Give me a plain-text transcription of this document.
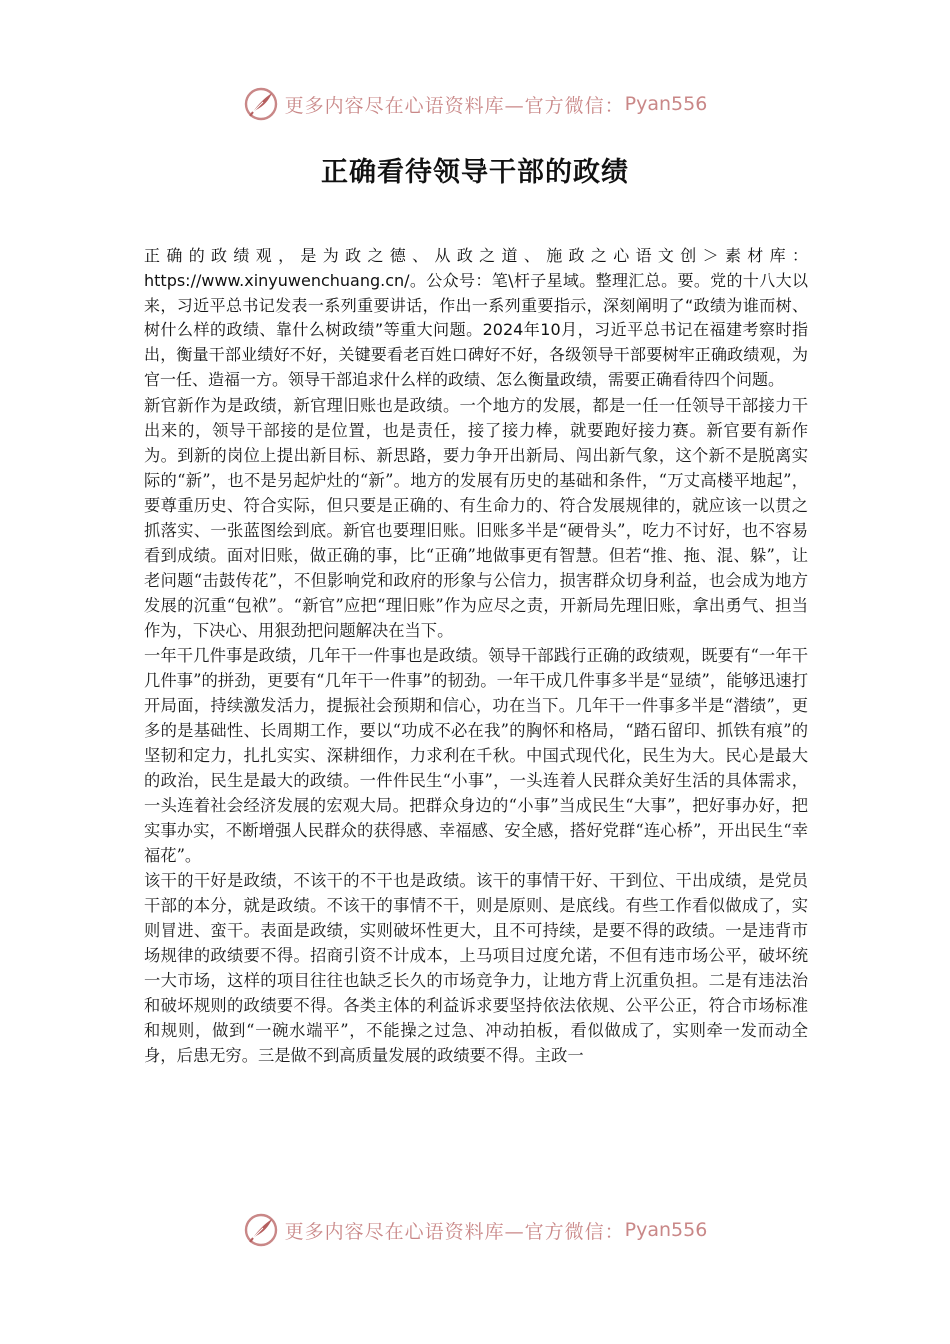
更多内容尽在心语资料库—官方微信： Pyan556
正确看待领导干部的政绩

正确的政绩观，是为政之德、从政之道、施政之心语文创＞素材库：https://www.xinyuwenchuang.cn/。公众号：笔\杆子星域。整理汇总。要。党的十八大以来，习近平总书记发表一系列重要讲话，作出一系列重要指示，深刻阐明了“政绩为谁而树、树什么样的政绩、靠什么树政绩”等重大问题。2024年10月，习近平总书记在福建考察时指出，衡量干部业绩好不好，关键要看老百姓口碑好不好，各级领导干部要树牢正确政绩观，为官一任、造福一方。领导干部追求什么样的政绩、怎么衡量政绩，需要正确看待四个问题。

新官新作为是政绩，新官理旧账也是政绩。一个地方的发展，都是一任一任领导干部接力干出来的，领导干部接的是位置，也是责任，接了接力棒，就要跑好接力赛。新官要有新作为。到新的岗位上提出新目标、新思路，要力争开出新局、闯出新气象，这个新不是脱离实际的“新”，也不是另起炉灶的“新”。地方的发展有历史的基础和条件，“万丈高楼平地起”，要尊重历史、符合实际，但只要是正确的、有生命力的、符合发展规律的，就应该一以贯之抓落实、一张蓝图绘到底。新官也要理旧账。旧账多半是“硬骨头”，吃力不讨好，也不容易看到成绩。面对旧账，做正确的事，比“正确”地做事更有智慧。但若“推、拖、混、躲”，让老问题“击鼓传花”，不但影响党和政府的形象与公信力，损害群众切身利益，也会成为地方发展的沉重“包袱”。“新官”应把“理旧账”作为应尽之责，开新局先理旧账，拿出勇气、担当作为，下决心、用狠劲把问题解决在当下。

一年干几件事是政绩，几年干一件事也是政绩。领导干部践行正确的政绩观，既要有“一年干几件事”的拼劲，更要有“几年干一件事”的韧劲。一年干成几件事多半是“显绩”，能够迅速打开局面，持续激发活力，提振社会预期和信心，功在当下。几年干一件事多半是“潜绩”，更多的是基础性、长周期工作，要以“功成不必在我”的胸怀和格局，“踏石留印、抓铁有痕”的坚韧和定力，扎扎实实、深耕细作，力求利在千秋。中国式现代化，民生为大。民心是最大的政治，民生是最大的政绩。一件件民生“小事”，一头连着人民群众美好生活的具体需求，一头连着社会经济发展的宏观大局。把群众身边的“小事”当成民生“大事”，把好事办好，把实事办实，不断增强人民群众的获得感、幸福感、安全感，搭好党群“连心桥”，开出民生“幸福花”。

该干的干好是政绩，不该干的不干也是政绩。该干的事情干好、干到位、干出成绩，是党员干部的本分，就是政绩。不该干的事情不干，则是原则、是底线。有些工作看似做成了，实则冒进、蛮干。表面是政绩，实则破坏性更大，且不可持续，是要不得的政绩。一是违背市场规律的政绩要不得。招商引资不计成本，上马项目过度允诺，不但有违市场公平，破坏统一大市场，这样的项目往往也缺乏长久的市场竞争力，让地方背上沉重负担。二是有违法治和破坏规则的政绩要不得。各类主体的利益诉求要坚持依法依规、公平公正，符合市场标准和规则，做到“一碗水端平”，不能操之过急、冲动拍板，看似做成了，实则牵一发而动全身，后患无穷。三是做不到高质量发展的政绩要不得。主政一

更多内容尽在心语资料库—官方微信： Pyan556
